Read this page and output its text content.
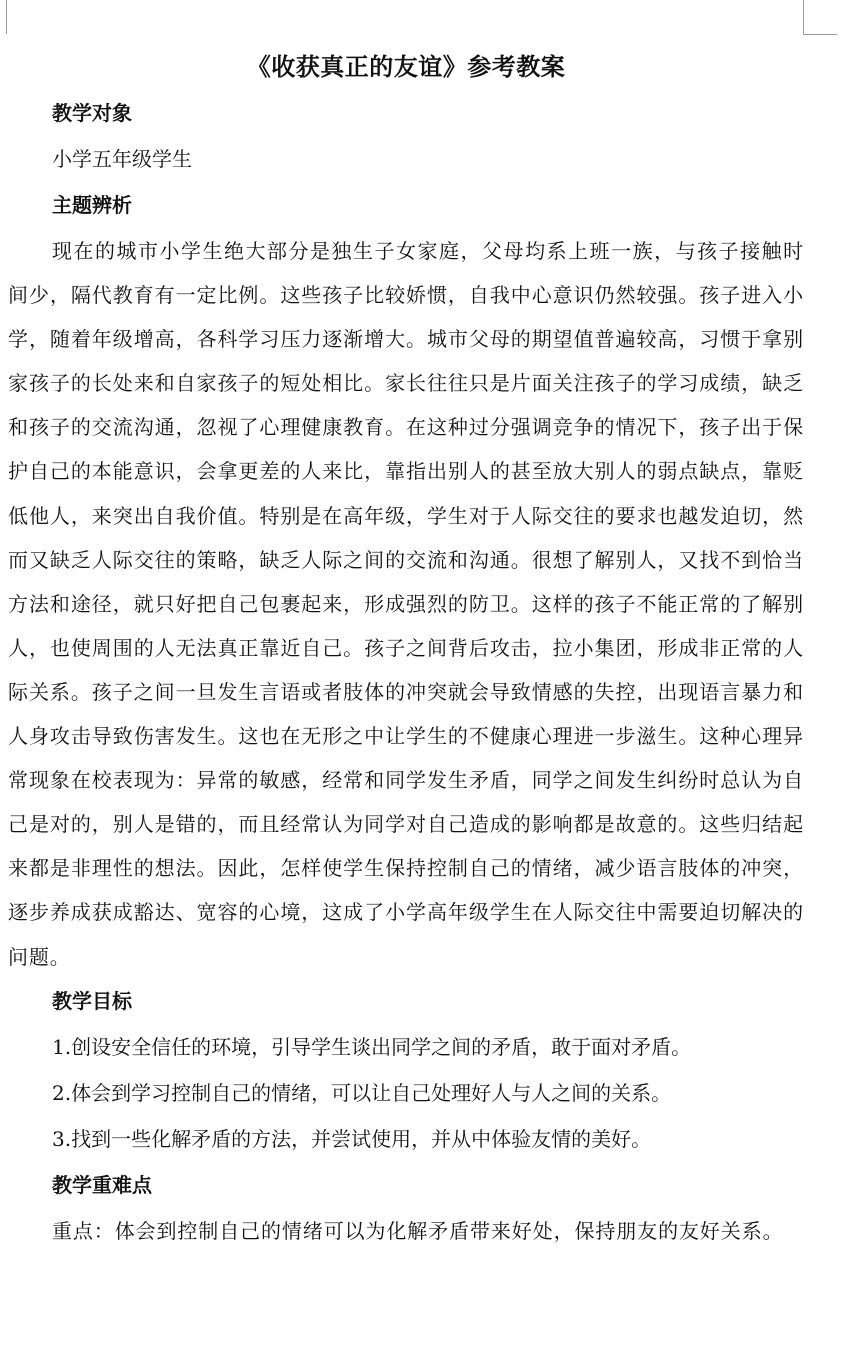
《收获真正的友谊》参考教案
教学对象

小学五年级学生

主题辨析

现在的城市小学生绝大部分是独生子女家庭，父母均系上班一族，与孩子接触时间少，隔代教育有一定比例。这些孩子比较娇惯，自我中心意识仍然较强。孩子进入小学，随着年级增高，各科学习压力逐渐增大。城市父母的期望值普遍较高，习惯于拿别家孩子的长处来和自家孩子的短处相比。家长往往只是片面关注孩子的学习成绩，缺乏和孩子的交流沟通，忽视了心理健康教育。在这种过分强调竞争的情况下，孩子出于保护自己的本能意识，会拿更差的人来比，靠指出别人的甚至放大别人的弱点缺点，靠贬低他人，来突出自我价值。特别是在高年级，学生对于人际交往的要求也越发迫切，然而又缺乏人际交往的策略，缺乏人际之间的交流和沟通。很想了解别人，又找不到恰当方法和途径，就只好把自己包裹起来，形成强烈的防卫。这样的孩子不能正常的了解别人，也使周围的人无法真正靠近自己。孩子之间背后攻击，拉小集团，形成非正常的人际关系。孩子之间一旦发生言语或者肢体的冲突就会导致情感的失控，出现语言暴力和人身攻击导致伤害发生。这也在无形之中让学生的不健康心理进一步滋生。这种心理异常现象在校表现为：异常的敏感，经常和同学发生矛盾，同学之间发生纠纷时总认为自己是对的，别人是错的，而且经常认为同学对自己造成的影响都是故意的。这些归结起来都是非理性的想法。因此，怎样使学生保持控制自己的情绪，减少语言肢体的冲突，逐步养成获成豁达、宽容的心境，这成了小学高年级学生在人际交往中需要迫切解决的问题。

教学目标

1.创设安全信任的环境，引导学生谈出同学之间的矛盾，敢于面对矛盾。

2.体会到学习控制自己的情绪，可以让自己处理好人与人之间的关系。

3.找到一些化解矛盾的方法，并尝试使用，并从中体验友情的美好。

教学重难点

重点：体会到控制自己的情绪可以为化解矛盾带来好处，保持朋友的友好关系。
